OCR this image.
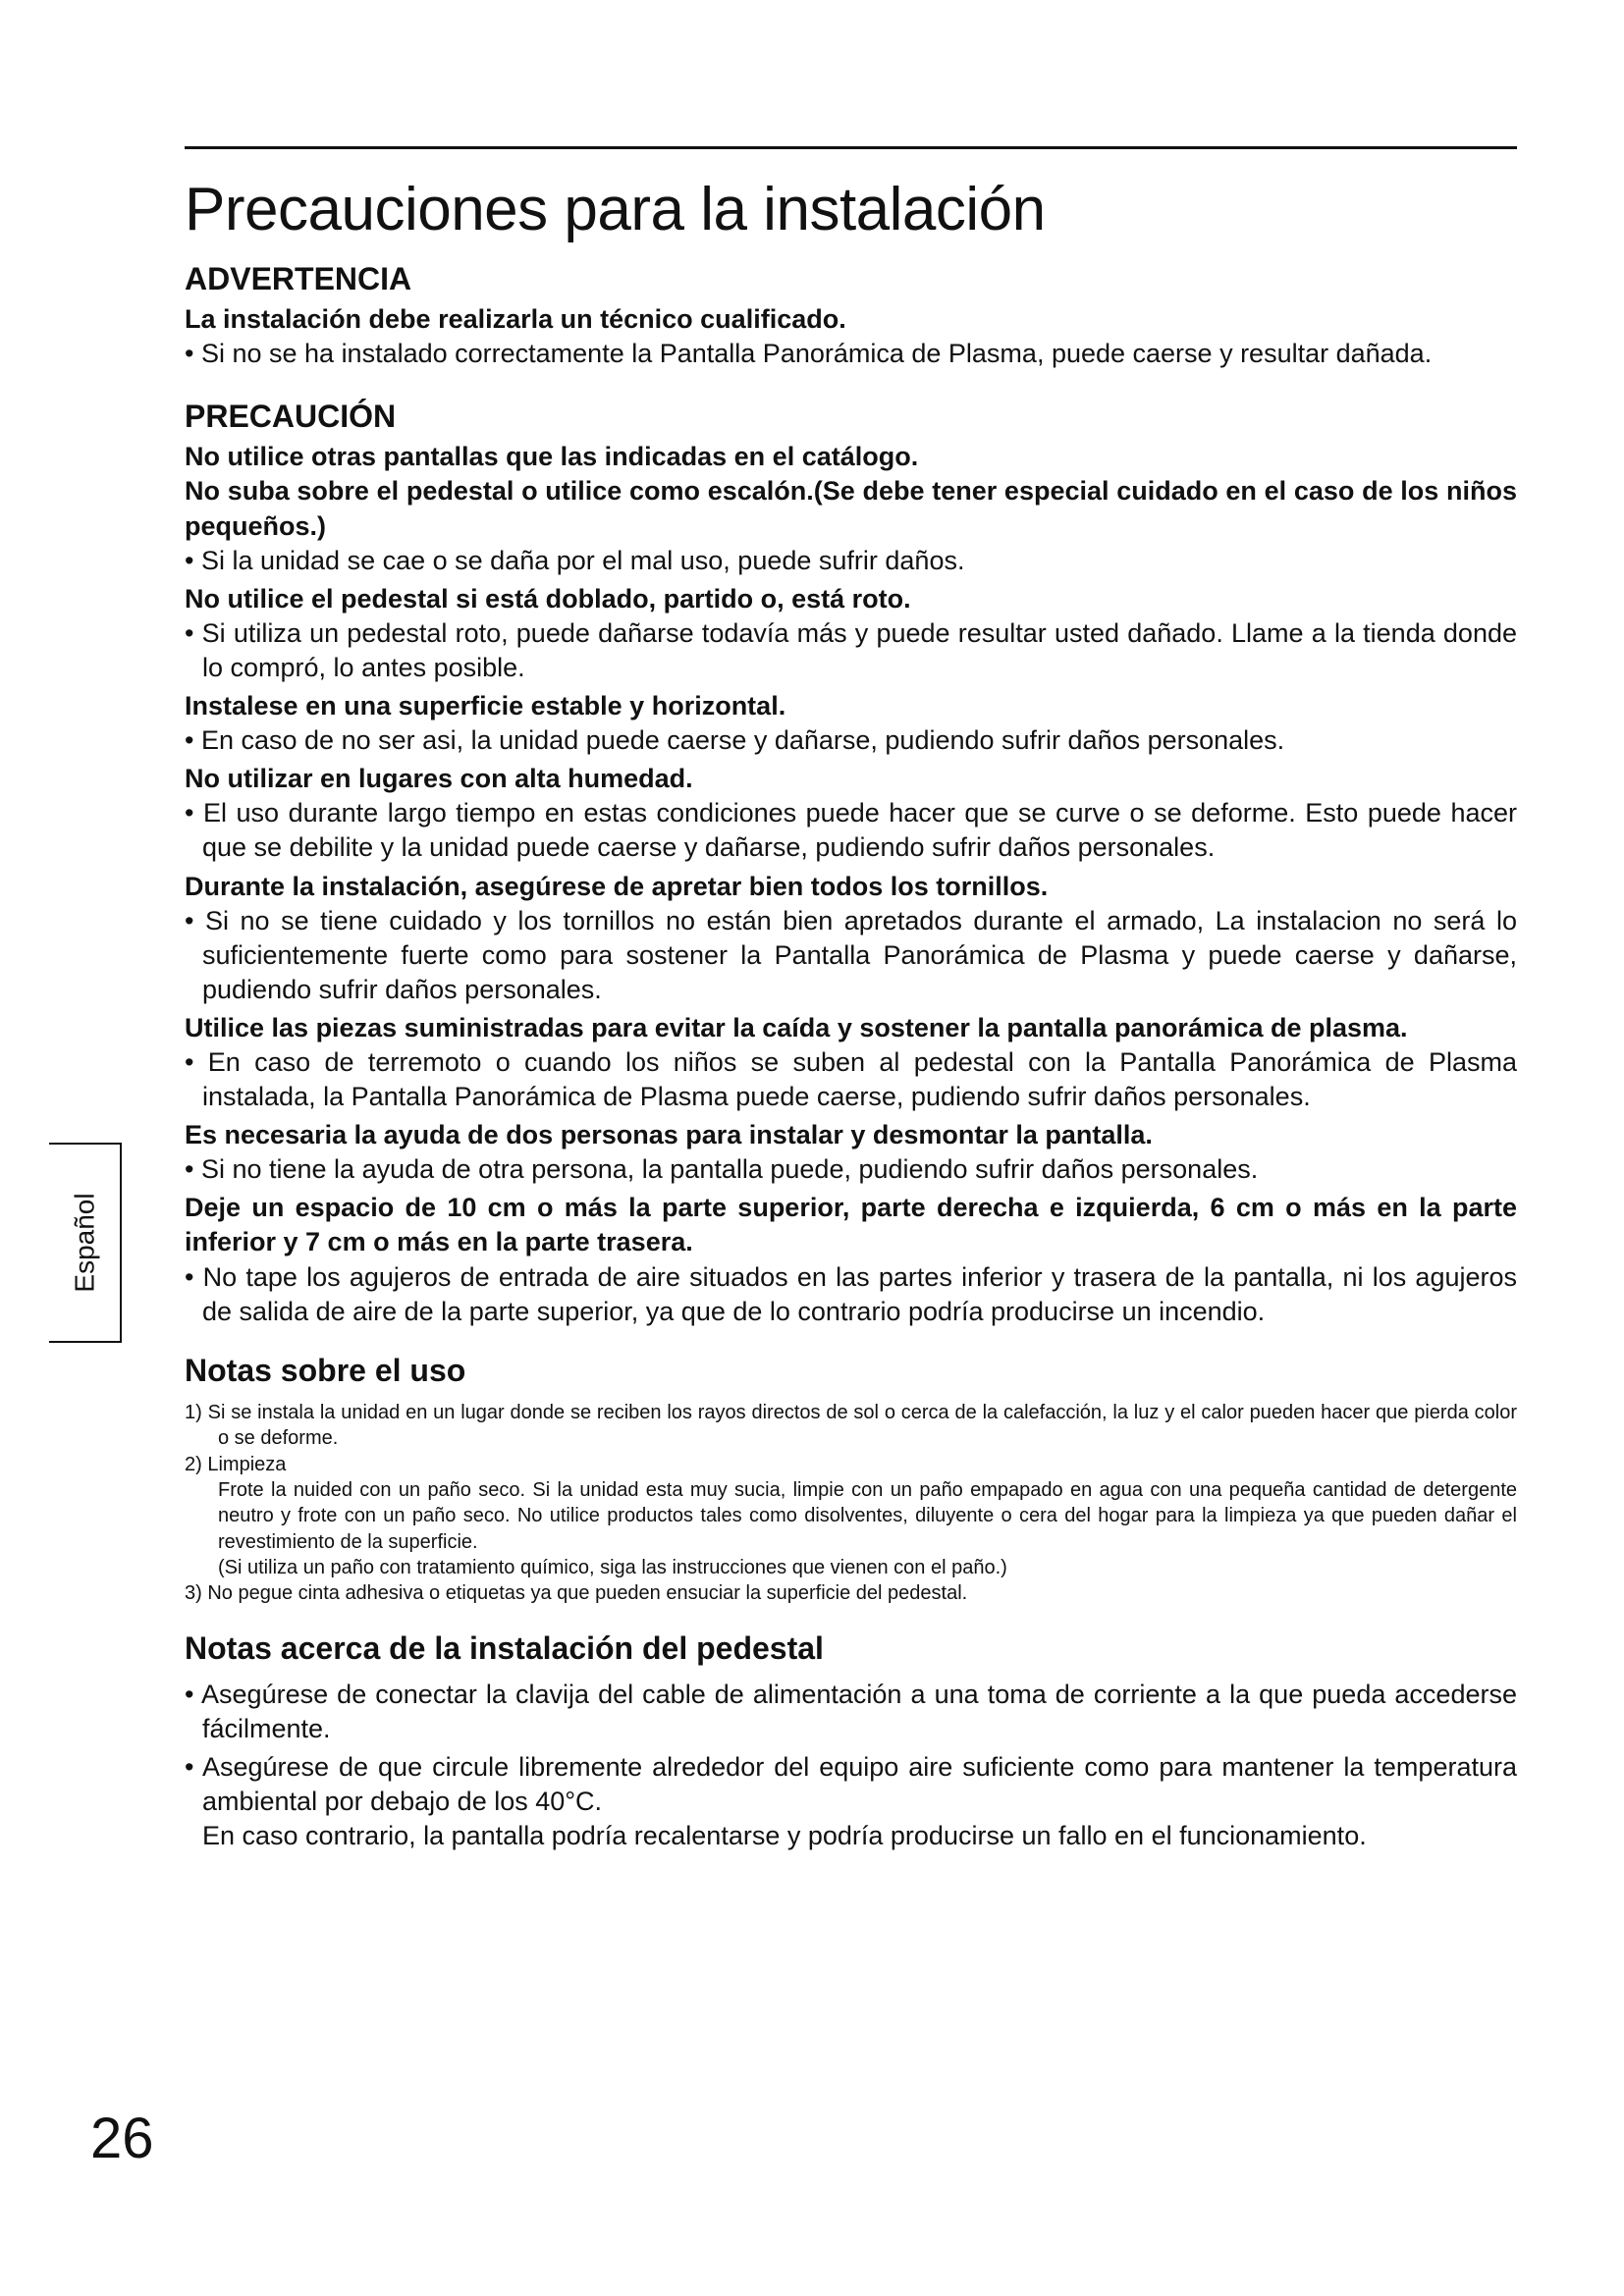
Español
Precauciones para la instalación
ADVERTENCIA

La instalación debe realizarla un técnico cualificado.

• Si no se ha instalado correctamente la Pantalla Panorámica de Plasma, puede caerse y resultar dañada.

PRECAUCIÓN

No utilice otras pantallas que las indicadas en el catálogo.

No suba sobre el pedestal o utilice como escalón.(Se debe tener especial cuidado en el caso de los niños pequeños.)

• Si la unidad se cae o se daña por el mal uso, puede sufrir daños.

No utilice el pedestal si está doblado, partido o, está roto.

• Si utiliza un pedestal roto, puede dañarse todavía más y puede resultar usted dañado. Llame a la tienda donde lo compró, lo antes posible.

Instalese en una superficie estable y horizontal.

• En caso de no ser asi, la unidad puede caerse y dañarse, pudiendo sufrir daños personales.

No utilizar en lugares con alta humedad.

• El uso durante largo tiempo en estas condiciones puede hacer que se curve o se deforme. Esto puede hacer que se debilite y la unidad puede caerse y dañarse, pudiendo sufrir daños personales.

Durante la instalación, asegúrese de apretar bien todos los tornillos.

• Si no se tiene cuidado y los tornillos no están bien apretados durante el armado, La instalacion no será lo suficientemente fuerte como para sostener la Pantalla Panorámica de Plasma y puede caerse y dañarse, pudiendo sufrir daños personales.

Utilice las piezas suministradas para evitar la caída y sostener la pantalla panorámica de plasma.

• En caso de terremoto o cuando los niños se suben al pedestal con la Pantalla Panorámica de Plasma instalada, la Pantalla Panorámica de Plasma puede caerse, pudiendo sufrir daños personales.

Es necesaria la ayuda de dos personas para instalar y desmontar la pantalla.

• Si no tiene la ayuda de otra persona, la pantalla puede, pudiendo sufrir daños personales.

Deje un espacio de 10 cm o más la parte superior, parte derecha e izquierda, 6 cm o más en la parte inferior y 7 cm o más en la parte trasera.

• No tape los agujeros de entrada de aire situados en las partes inferior y trasera de la pantalla, ni los agujeros de salida de aire de la parte superior, ya que de lo contrario podría producirse un incendio.

Notas sobre el uso

1) Si se instala la unidad en un lugar donde se reciben los rayos directos de sol o cerca de la calefacción, la luz y el calor pueden hacer que pierda color o se deforme.

2) Limpieza

Frote la nuided con un paño seco. Si la unidad esta muy sucia, limpie con un paño empapado en agua con una pequeña cantidad de detergente neutro y frote con un paño seco. No utilice productos tales como disolventes, diluyente o cera del hogar para la limpieza ya que pueden dañar el revestimiento de la superficie.

(Si utiliza un paño con tratamiento químico, siga las instrucciones que vienen con el paño.)

3) No pegue cinta adhesiva o etiquetas ya que pueden ensuciar la superficie del pedestal.

Notas acerca de la instalación del pedestal

• Asegúrese de conectar la clavija del cable de alimentación a una toma de corriente a la que pueda accederse fácilmente.

• Asegúrese de que circule libremente alrededor del equipo aire suficiente como para mantener la temperatura ambiental por debajo de los 40°C.

En caso contrario, la pantalla podría recalentarse y podría producirse un fallo en el funcionamiento.

26
